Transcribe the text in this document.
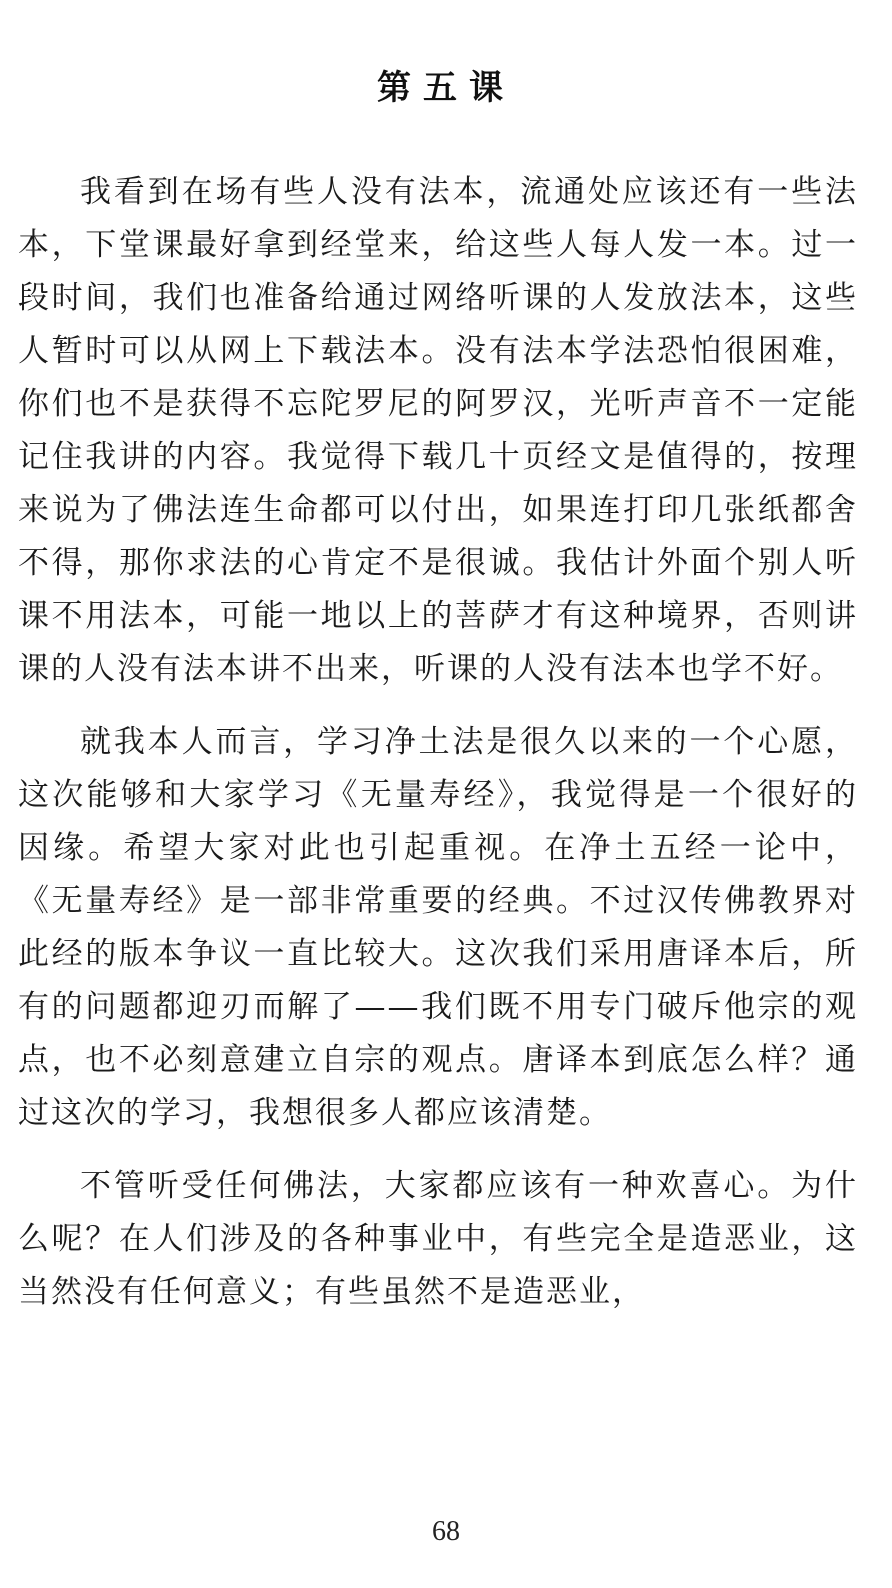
第五课

我看到在场有些人没有法本，流通处应该还有一些法本，下堂课最好拿到经堂来，给这些人每人发一本。过一段时间，我们也准备给通过网络听课的人发放法本，这些人暂时可以从网上下载法本。没有法本学法恐怕很困难，你们也不是获得不忘陀罗尼的阿罗汉，光听声音不一定能记住我讲的内容。我觉得下载几十页经文是值得的，按理来说为了佛法连生命都可以付出，如果连打印几张纸都舍不得，那你求法的心肯定不是很诚。我估计外面个别人听课不用法本，可能一地以上的菩萨才有这种境界，否则讲课的人没有法本讲不出来，听课的人没有法本也学不好。

就我本人而言，学习净土法是很久以来的一个心愿，这次能够和大家学习《无量寿经》，我觉得是一个很好的因缘。希望大家对此也引起重视。在净土五经一论中，《无量寿经》是一部非常重要的经典。不过汉传佛教界对此经的版本争议一直比较大。这次我们采用唐译本后，所有的问题都迎刃而解了——我们既不用专门破斥他宗的观点，也不必刻意建立自宗的观点。唐译本到底怎么样？通过这次的学习，我想很多人都应该清楚。

不管听受任何佛法，大家都应该有一种欢喜心。为什么呢？在人们涉及的各种事业中，有些完全是造恶业，这当然没有任何意义；有些虽然不是造恶业，

68
